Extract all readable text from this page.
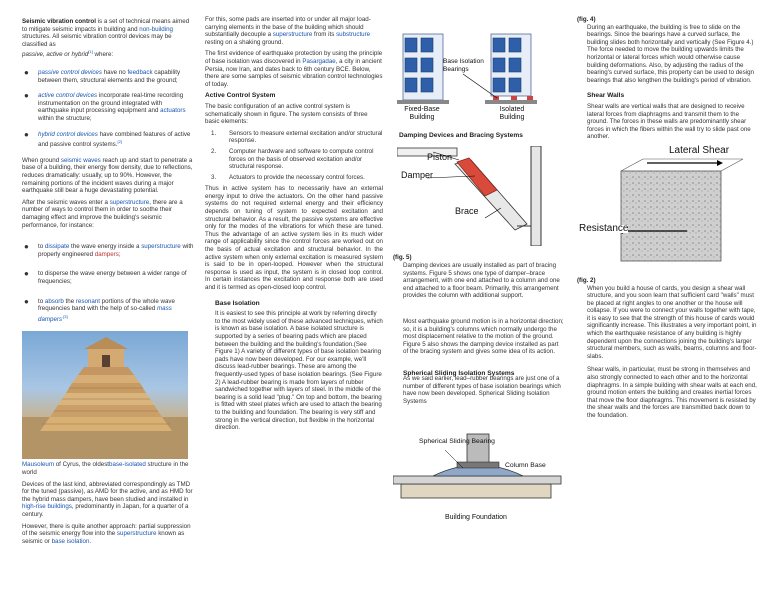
Seismic vibration control is a set of technical means aimed to mitigate seismic impacts in building and non-building structures. All seismic vibration control devices may be classified as
passive, active or hybrid[1] where:

● passive control devices have no feedback capability between them, structural elements and the ground;
● active control devices incorporate real-time recording instrumentation on the ground integrated with earthquake input processing equipment and actuators within the structure;
● hybrid control devices have combined features of active and passive control systems.[2]

When ground seismic waves reach up and start to penetrate a base of a building, their energy flow density, due to reflections, reduces dramatically: usually, up to 90%. However, the remaining portions of the incident waves during a major earthquake still bear a huge devastating potential.

After the seismic waves enter a superstructure, there are a number of ways to control them in order to soothe their damaging effect and improve the building's seismic performance, for instance:

● to dissipate the wave energy inside a superstructure with properly engineered dampers;
● to disperse the wave energy between a wider range of frequencies;
● to absorb the resonant portions of the whole wave frequencies band with the help of so-called mass dampers$^{.[3]}$

Mausoleum of Cyrus, the oldestbase-isolated structure in the world

Devices of the last kind, abbreviated correspondingly as TMD for the tuned (passive), as AMD for the active, and as HMD for the hybrid mass dampers, have been studied and installed in high-rise buildings, predominantly in Japan, for a quarter of a century.

However, there is quite another approach: partial suppression of the seismic energy flow into the superstructure known as seismic or base isolation.

For this, some pads are inserted into or under all major load-carrying elements in the base of the building which should substantially decouple a superstructure from its substructure resting on a shaking ground.

The first evidence of earthquake protection by using the principle of base isolation was discovered in Pasargadae, a city in ancient Persia, now Iran, and dates back to 6th century BCE. Below, there are some samples of seismic vibration control technologies of today.

Active Control System

The basic configuration of an active control system is schematically shown in figure. The system consists of three basic elements:

1. Sensors to measure external excitation and/or structural response.
2. Computer hardware and software to compute control forces on the basis of observed excitation and/or structural response.
3. Actuators to provide the necessary control forces.

Thus in active system has to necessarily have an external energy input to drive the actuators. On the other hand passive systems do not required external energy and their efficiency depends on tuning of system to expected excitation and structural behavior. As a result, the passive systems are effective only for the modes of the vibrations for which these are tuned. Thus the advantage of an active system lies in its much wider range of applicability since the control forces are worked out on the basis of actual excitation and structural behavior. In the active system when only external excitation is measured system is said to be in open-looped. However when the structural response is used as input, the system is in closed loop control. In certain instances the excitation and response both are used and it is termed as open-closed loop control.

Base Isolation

It is easiest to see this principle at work by referring directly to the most widely used of these advanced techniques, which is known as base isolation. A base isolated structure is supported by a series of bearing pads which are placed between the building and the building's foundation.(See Figure 1) A variety of different types of base isolation bearing pads have now been developed. For our example, we'll discuss lead-rubber bearings. These are among the frequently-used types of base isolation bearings. (See Figure 2) A lead-rubber bearing is made from layers of rubber sandwiched together with layers of steel. In the middle of the bearing is a solid lead "plug." On top and bottom, the bearing is fitted with steel plates which are used to attach the bearing to the building and foundation. The bearing is very stiff and strong in the vertical direction, but flexible in the horizontal direction.

Base Isolation Bearings
Fixed-Base Building
Isolated Building
Damping Devices and Bracing Systems
Piston
Damper
Brace
(fig. 5)

Damping devices are usually installed as part of bracing systems. Figure 5 shows one type of damper–brace arrangement, with one end attached to a column and one end attached to a floor beam. Primarily, this arrangement provides the column with additional support.

Most earthquake ground motion is in a horizontal direction; so, it is a building's columns which normally undergo the most displacement relative to the motion of the ground. Figure 5 also shows the damping device installed as part of the bracing system and gives some idea of its action.

Spherical Sliding Isolation Systems

As we said earlier, lead–rubber bearings are just one of a number of different types of base isolation bearings which have now been developed. Spherical Sliding Isolation Systems

Spherical Sliding Bearing
Column Base
Building Foundation
(fig. 4)

During an earthquake, the building is free to slide on the bearings. Since the bearings have a curved surface, the building slides both horizontally and vertically (See Figure 4.) The force needed to move the building upwards limits the horizontal or lateral forces which would otherwise cause building deformations. Also, by adjusting the radius of the bearing's curved surface, this property can be used to design bearings that also lengthen the building's period of vibration.

Shear Walls

Shear walls are vertical walls that are designed to receive lateral forces from diaphragms and transmit them to the ground. The forces in these walls are predominantly shear forces in which the fibers within the wall try to slide past one another.

Lateral Shear
Resistance
(fig. 2)

When you build a house of cards, you design a shear wall structure, and you soon learn that sufficient card "walls" must be placed at right angles to one another or the house will collapse. If you were to connect your walls together with tape, it is easy to see that the strength of this house of cards would significantly increase. This illustrates a very important point, in which the earthquake resistance of any building is highly dependent upon the connections joining the building's larger structural members, such as walls, beams, columns and floor-slabs.

Shear walls, in particular, must be strong in themselves and also strongly connected to each other and to the horizontal diaphragms. In a simple building with shear walls at each end, ground motion enters the building and creates inertial forces that move the floor diaphragms. This movement is resisted by the shear walls and the forces are transmitted back down to the foundation.
